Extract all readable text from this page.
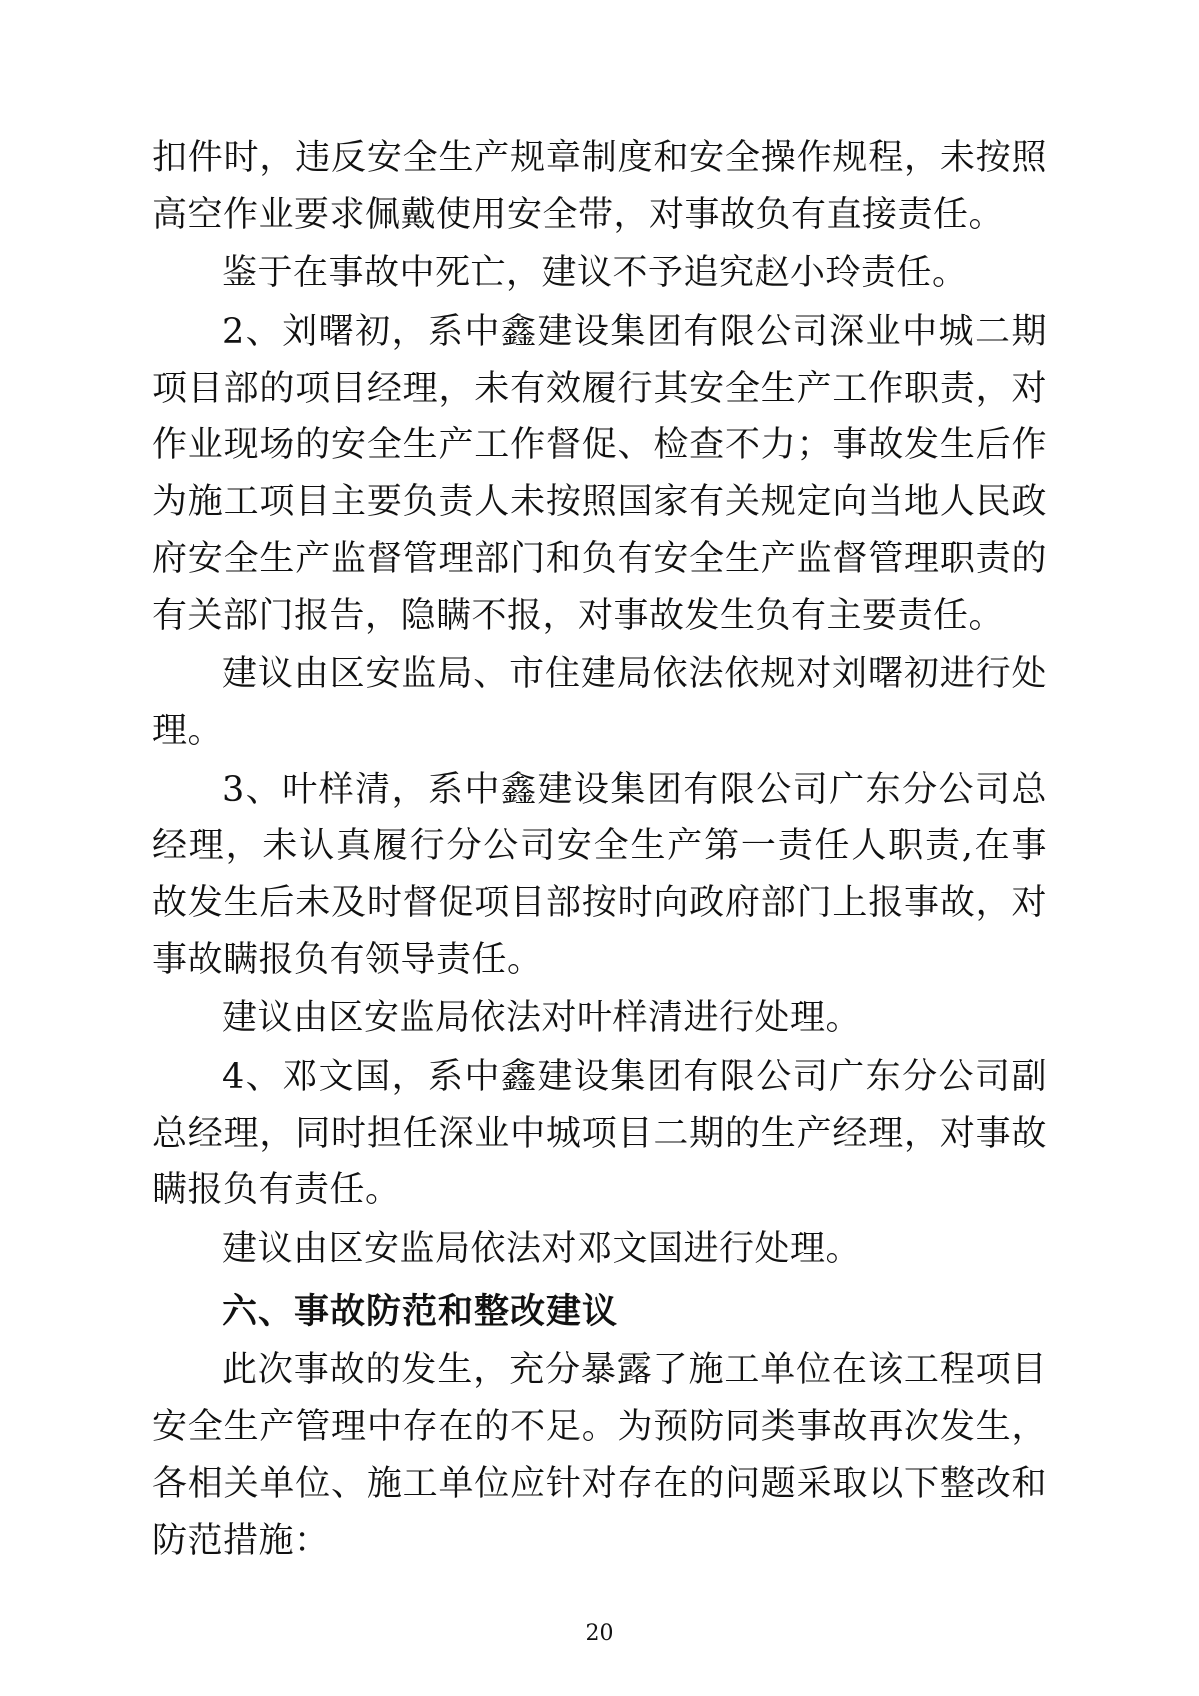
扣件时，违反安全生产规章制度和安全操作规程，未按照高空作业要求佩戴使用安全带，对事故负有直接责任。

鉴于在事故中死亡，建议不予追究赵小玲责任。

2、刘曙初，系中鑫建设集团有限公司深业中城二期项目部的项目经理，未有效履行其安全生产工作职责，对作业现场的安全生产工作督促、检查不力；事故发生后作为施工项目主要负责人未按照国家有关规定向当地人民政府安全生产监督管理部门和负有安全生产监督管理职责的有关部门报告，隐瞒不报，对事故发生负有主要责任。

建议由区安监局、市住建局依法依规对刘曙初进行处理。

3、叶样清，系中鑫建设集团有限公司广东分公司总经理，未认真履行分公司安全生产第一责任人职责,在事故发生后未及时督促项目部按时向政府部门上报事故，对事故瞒报负有领导责任。

建议由区安监局依法对叶样清进行处理。

4、邓文国，系中鑫建设集团有限公司广东分公司副总经理，同时担任深业中城项目二期的生产经理，对事故瞒报负有责任。

建议由区安监局依法对邓文国进行处理。

六、事故防范和整改建议

此次事故的发生，充分暴露了施工单位在该工程项目安全生产管理中存在的不足。为预防同类事故再次发生，各相关单位、施工单位应针对存在的问题采取以下整改和防范措施：

20
